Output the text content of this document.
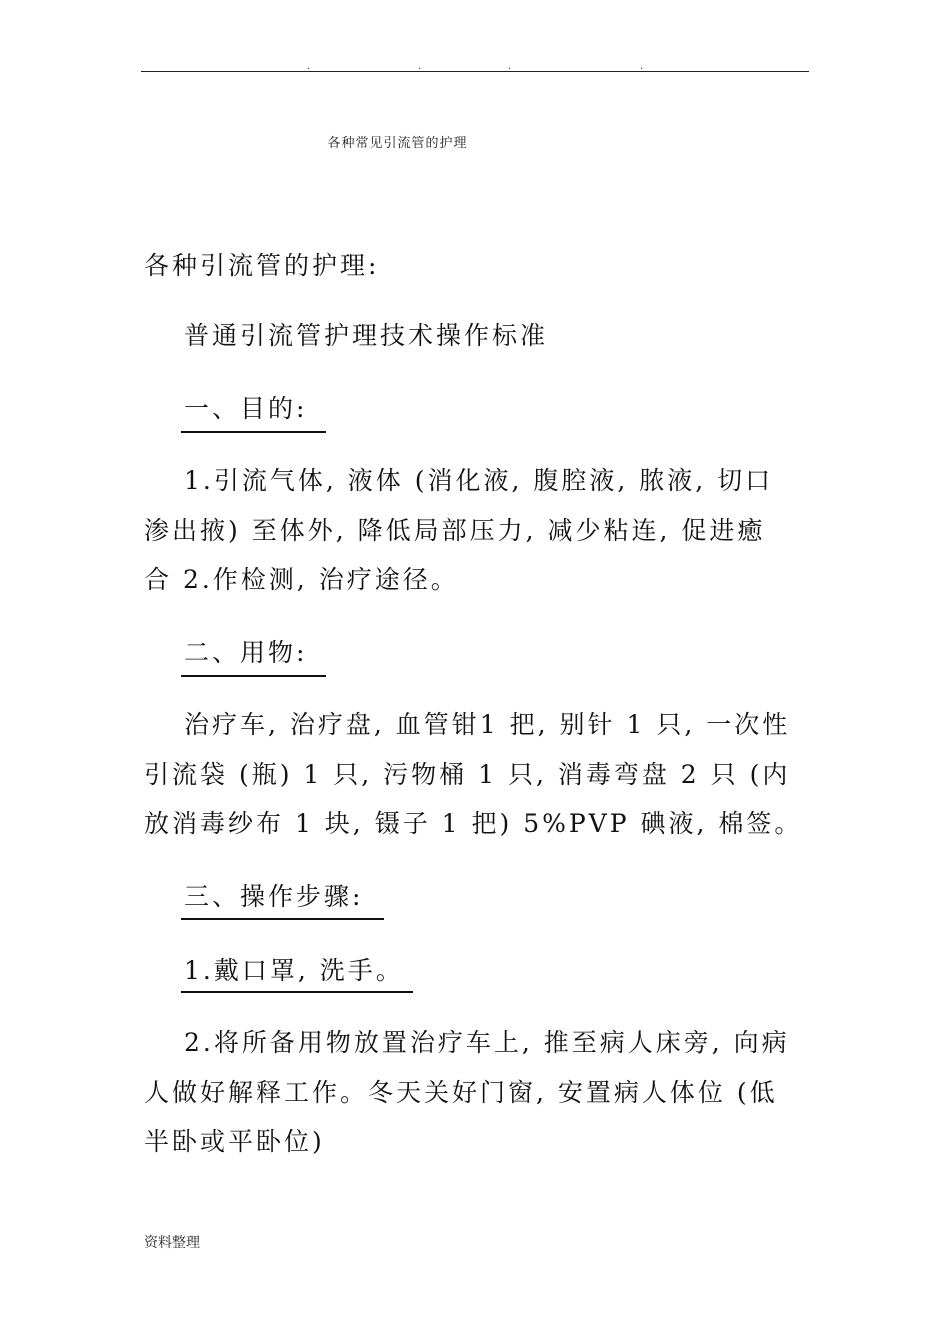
.	.	.	.
各种常见引流管的护理
各种引流管的护理:
普通引流管护理技术操作标准
一、目的:
1.引流气体, 液体 (消化液, 腹腔液, 脓液, 切口
渗出掖) 至体外, 降低局部压力, 减少粘连, 促进癒
合 2.作检测, 治疗途径。
二、用物:
治疗车, 治疗盘, 血管钳1 把, 别针 1 只, 一次性
引流袋 (瓶) 1 只, 污物桶 1 只, 消毒弯盘 2 只 (内
放消毒纱布 1 块, 镊子 1 把) 5%PVP 碘液, 棉签。
三、操作步骤:
1.戴口罩, 洗手。
2.将所备用物放置治疗车上, 推至病人床旁, 向病
人做好解释工作。冬天关好门窗, 安置病人体位 (低
半卧或平卧位)
资料整理
